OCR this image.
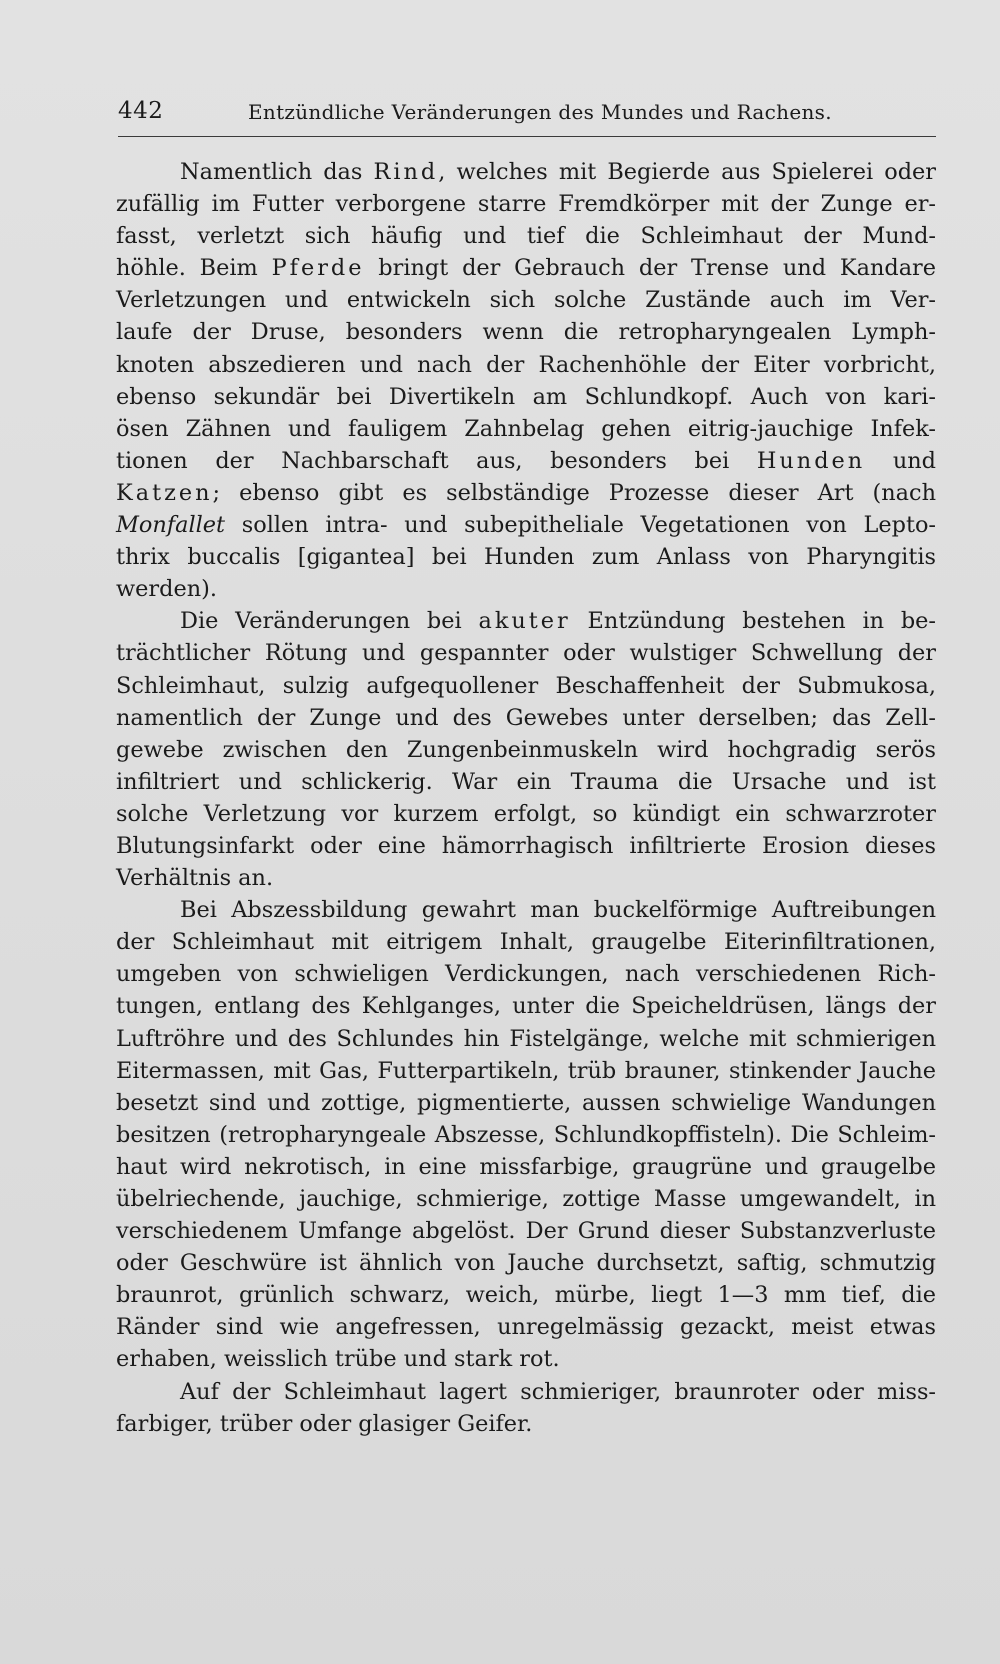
442	Entzündliche Veränderungen des Mundes und Rachens.
Namentlich das Rind, welches mit Begierde aus Spielerei oder
zufällig im Futter verborgene starre Fremdkörper mit der Zunge er-
fasst, verletzt sich häufig und tief die Schleimhaut der Mund-
höhle. Beim Pferde bringt der Gebrauch der Trense und Kandare
Verletzungen und entwickeln sich solche Zustände auch im Ver-
laufe der Druse, besonders wenn die retropharyngealen Lymph-
knoten abszedieren und nach der Rachenhöhle der Eiter vorbricht,
ebenso sekundär bei Divertikeln am Schlundkopf. Auch von kari-
ösen Zähnen und fauligem Zahnbelag gehen eitrig-jauchige Infek-
tionen der Nachbarschaft aus, besonders bei Hunden und
Katzen; ebenso gibt es selbständige Prozesse dieser Art (nach
Monfallet sollen intra- und subepitheliale Vegetationen von Lepto-
thrix buccalis [gigantea] bei Hunden zum Anlass von Pharyngitis
werden).
Die Veränderungen bei akuter Entzündung bestehen in be-
trächtlicher Rötung und gespannter oder wulstiger Schwellung der
Schleimhaut, sulzig aufgequollener Beschaffenheit der Submukosa,
namentlich der Zunge und des Gewebes unter derselben; das Zell-
gewebe zwischen den Zungenbeinmuskeln wird hochgradig serös
infiltriert und schlickerig. War ein Trauma die Ursache und ist
solche Verletzung vor kurzem erfolgt, so kündigt ein schwarzroter
Blutungsinfarkt oder eine hämorrhagisch infiltrierte Erosion dieses
Verhältnis an.
Bei Abszessbildung gewahrt man buckelförmige Auftreibungen
der Schleimhaut mit eitrigem Inhalt, graugelbe Eiterinfiltrationen,
umgeben von schwieligen Verdickungen, nach verschiedenen Rich-
tungen, entlang des Kehlganges, unter die Speicheldrüsen, längs der
Luftröhre und des Schlundes hin Fistelgänge, welche mit schmierigen
Eitermassen, mit Gas, Futterpartikeln, trüb brauner, stinkender Jauche
besetzt sind und zottige, pigmentierte, aussen schwielige Wandungen
besitzen (retropharyngeale Abszesse, Schlundkopffisteln). Die Schleim-
haut wird nekrotisch, in eine missfarbige, graugrüne und graugelbe
übelriechende, jauchige, schmierige, zottige Masse umgewandelt, in
verschiedenem Umfange abgelöst. Der Grund dieser Substanzverluste
oder Geschwüre ist ähnlich von Jauche durchsetzt, saftig, schmutzig
braunrot, grünlich schwarz, weich, mürbe, liegt 1—3 mm tief, die
Ränder sind wie angefressen, unregelmässig gezackt, meist etwas
erhaben, weisslich trübe und stark rot.
Auf der Schleimhaut lagert schmieriger, braunroter oder miss-
farbiger, trüber oder glasiger Geifer.
